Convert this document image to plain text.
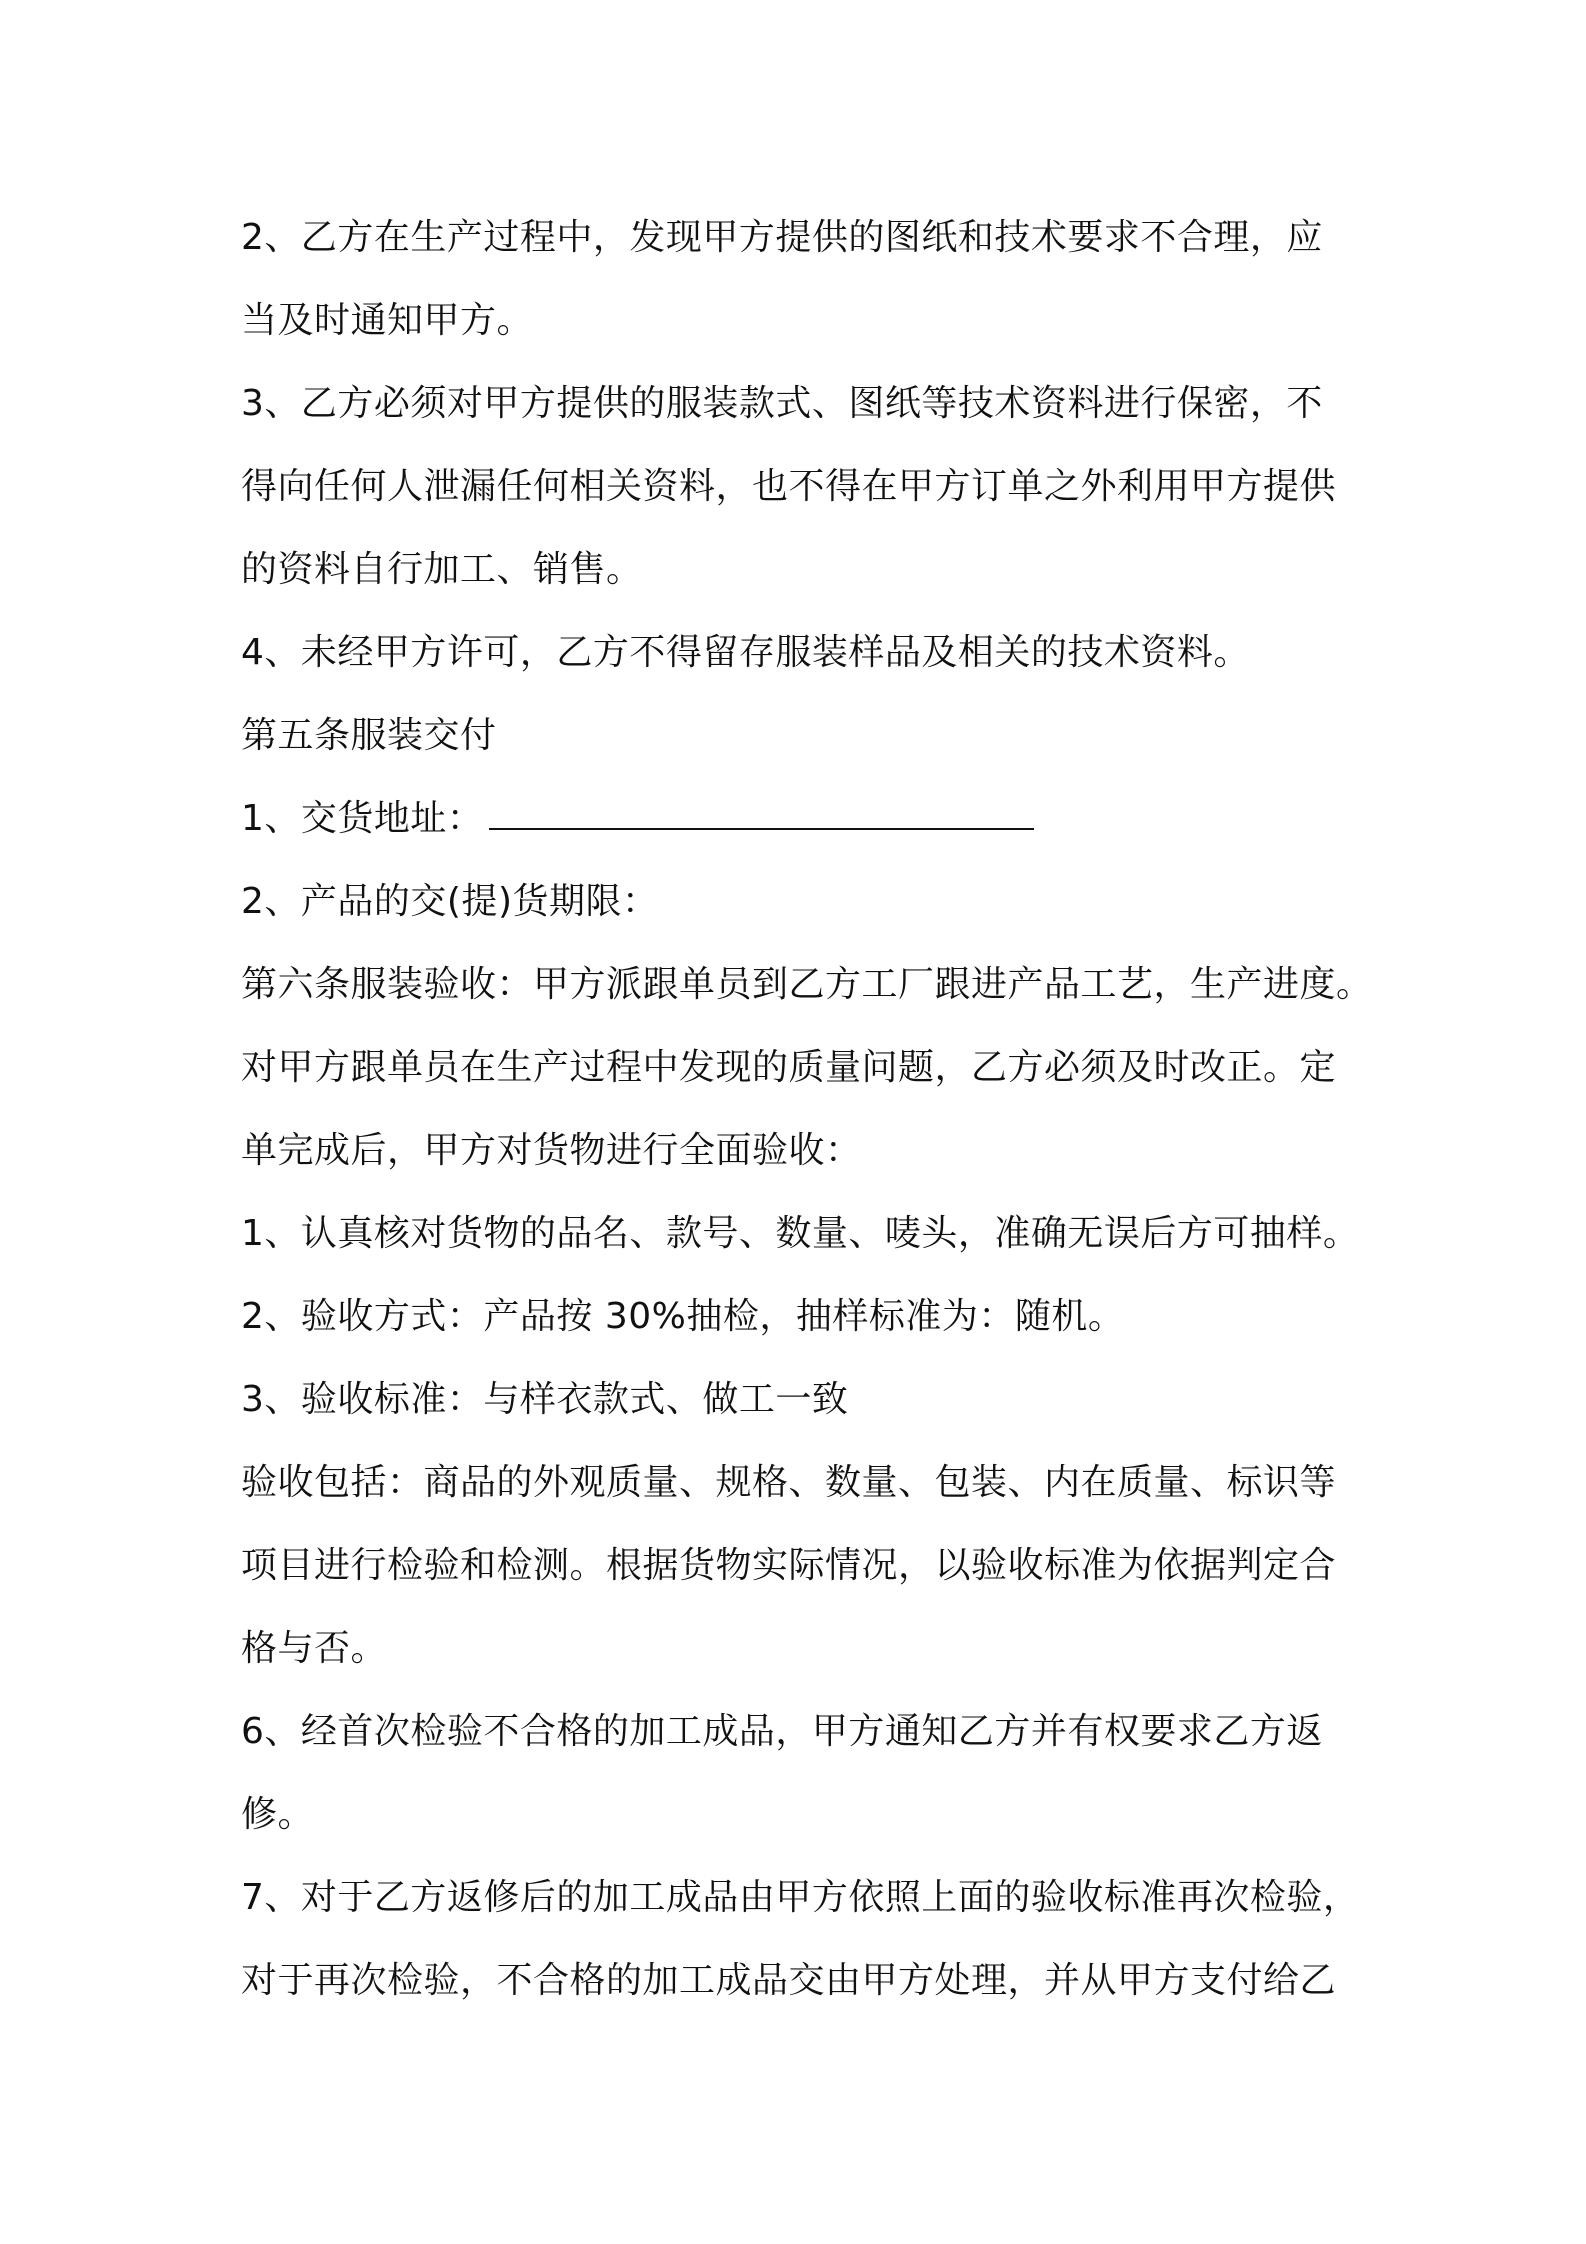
2、乙方在生产过程中，发现甲方提供的图纸和技术要求不合理，应
当及时通知甲方。
3、乙方必须对甲方提供的服装款式、图纸等技术资料进行保密，不
得向任何人泄漏任何相关资料，也不得在甲方订单之外利用甲方提供
的资料自行加工、销售。
4、未经甲方许可，乙方不得留存服装样品及相关的技术资料。
第五条服装交付
1、交货地址：
2、产品的交(提)货期限：
第六条服装验收：甲方派跟单员到乙方工厂跟进产品工艺，生产进度。
对甲方跟单员在生产过程中发现的质量问题，乙方必须及时改正。定
单完成后，甲方对货物进行全面验收：
1、认真核对货物的品名、款号、数量、唛头，准确无误后方可抽样。
2、验收方式：产品按 30%抽检，抽样标准为：随机。
3、验收标准：与样衣款式、做工一致
验收包括：商品的外观质量、规格、数量、包装、内在质量、标识等
项目进行检验和检测。根据货物实际情况，以验收标准为依据判定合
格与否。
6、经首次检验不合格的加工成品，甲方通知乙方并有权要求乙方返
修。
7、对于乙方返修后的加工成品由甲方依照上面的验收标准再次检验，
对于再次检验，不合格的加工成品交由甲方处理，并从甲方支付给乙
